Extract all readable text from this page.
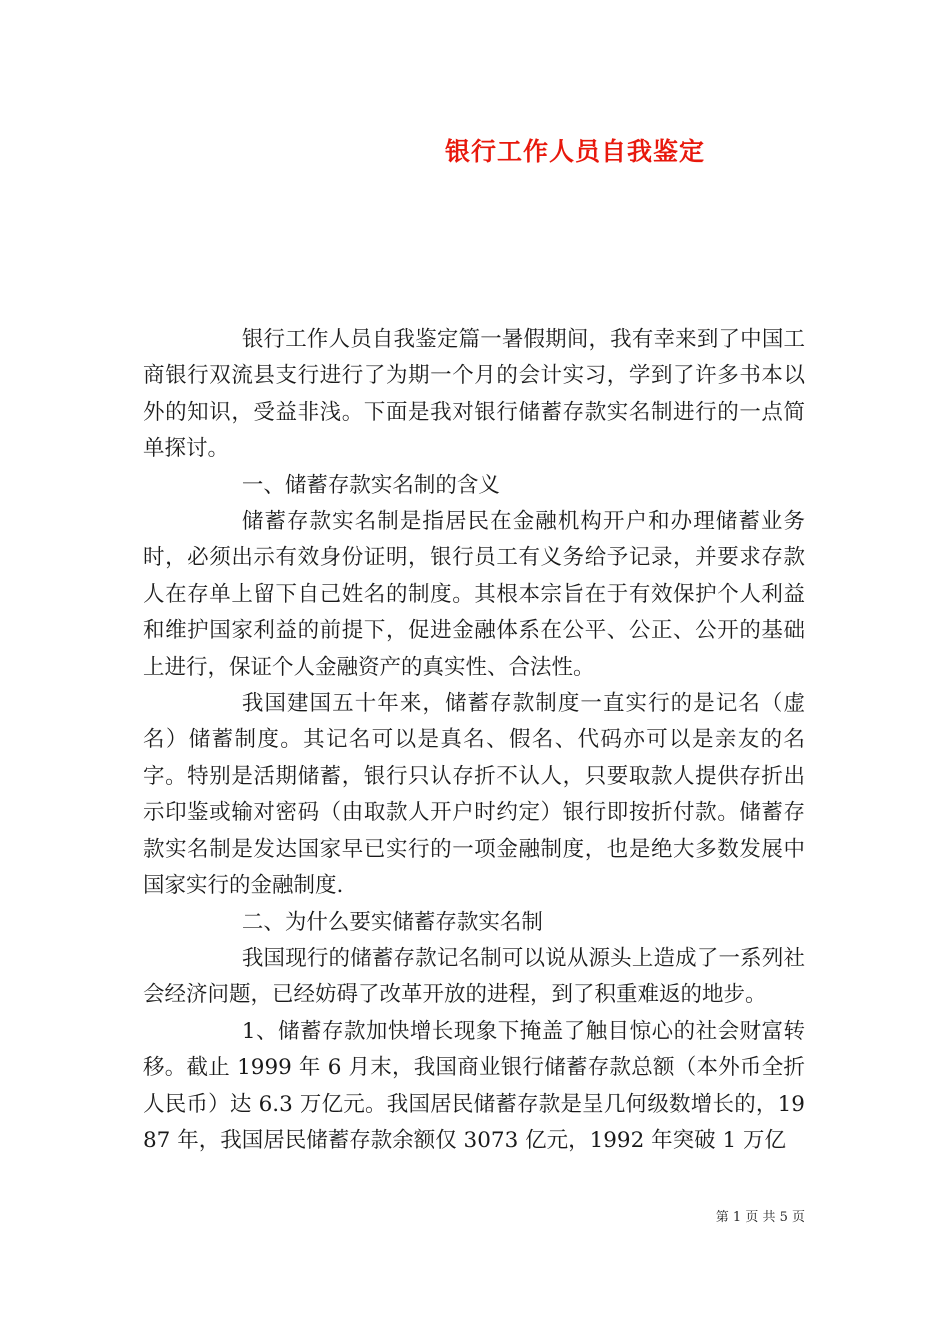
银行工作人员自我鉴定

银行工作人员自我鉴定篇一暑假期间，我有幸来到了中国工商银行双流县支行进行了为期一个月的会计实习，学到了许多书本以外的知识，受益非浅。下面是我对银行储蓄存款实名制进行的一点简单探讨。

一、储蓄存款实名制的含义

储蓄存款实名制是指居民在金融机构开户和办理储蓄业务时，必须出示有效身份证明，银行员工有义务给予记录，并要求存款人在存单上留下自己姓名的制度。其根本宗旨在于有效保护个人利益和维护国家利益的前提下，促进金融体系在公平、公正、公开的基础上进行，保证个人金融资产的真实性、合法性。

我国建国五十年来，储蓄存款制度一直实行的是记名（虚名）储蓄制度。其记名可以是真名、假名、代码亦可以是亲友的名字。特别是活期储蓄，银行只认存折不认人，只要取款人提供存折出示印鉴或输对密码（由取款人开户时约定）银行即按折付款。储蓄存款实名制是发达国家早已实行的一项金融制度，也是绝大多数发展中国家实行的金融制度.

二、为什么要实储蓄存款实名制

我国现行的储蓄存款记名制可以说从源头上造成了一系列社会经济问题，已经妨碍了改革开放的进程，到了积重难返的地步。

1、储蓄存款加快增长现象下掩盖了触目惊心的社会财富转移。截止 1999 年 6 月末，我国商业银行储蓄存款总额（本外币全折人民币）达 6.3 万亿元。我国居民储蓄存款是呈几何级数增长的，1987 年，我国居民储蓄存款余额仅 3073 亿元，1992 年突破 1 万亿

第 1 页 共 5 页
